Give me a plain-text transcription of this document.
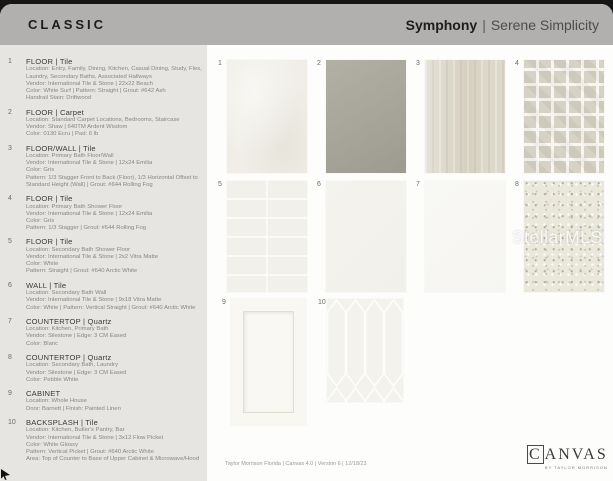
CLASSIC	Symphony | Serene Simplicity
1	FLOOR | Tile
Location: Entry, Family, Dining, Kitchen, Casual Dining, Study, Flex, Laundry, Secondary Baths, Associated Hallways
Vendor: International Tile & Stone | 22x22 Beach
Color: White Surf | Pattern: Straight | Grout: #642 Ash
Handrail Stain: Driftwood
2	FLOOR | Carpet
Location: Standard Carpet Locations, Bedrooms, Staircase
Vendor: Shaw | 640TM Ardent Wisdom
Color: 0130 Ecru | Pad: 6 lb
3	FLOOR/WALL | Tile
Location: Primary Bath Floor/Wall
Vendor: International Tile & Stone | 12x24 Emilia
Color: Gris
Pattern: 1/3 Stagger Front to Back (Floor), 1/3 Horizontal Offset to Standard Height (Wall) | Grout: #644 Rolling Fog
4	FLOOR | Tile
Location: Primary Bath Shower Floor
Vendor: International Tile & Stone | 12x24 Emilia
Color: Gris
Pattern: 1/3 Stagger | Grout: #644 Rolling Fog
5	FLOOR | Tile
Location: Secondary Bath Shower Floor
Vendor: International Tile & Stone | 2x2 Vitra Matte
Color: White
Pattern: Straight | Grout: #640 Arctic White
6	WALL | Tile
Location: Secondary Bath Wall
Vendor: International Tile & Stone | 9x18 Vitra Matte
Color: White | Pattern: Vertical Straight | Grout: #640 Arctic White
7	COUNTERTOP | Quartz
Location: Kitchen, Primary Bath
Vendor: Silestone | Edge: 3 CM Eased
Color: Blanc
8	COUNTERTOP | Quartz
Location: Secondary Bath, Laundry
Vendor: Silestone | Edge: 3 CM Eased
Color: Pebble White
9	CABINET
Location: Whole House
Door: Barnett | Finish: Painted Linen
10	BACKSPLASH | Tile
Location: Kitchen, Butler's Pantry, Bar
Vendor: International Tile & Stone | 3x12 Flow Picket
Color: White Glossy
Pattern: Vertical Picket | Grout: #640 Arctic White
Area: Top of Counter to Base of Upper Cabinet & Microwave/Hood
1	2	3	4
5	6	7	8
9	10
StellarMLS
Taylor Morrison Florida | Canvas 4.0 | Version 6 | 12/18/23
C ANVAS
BY TAYLOR MORRISON
